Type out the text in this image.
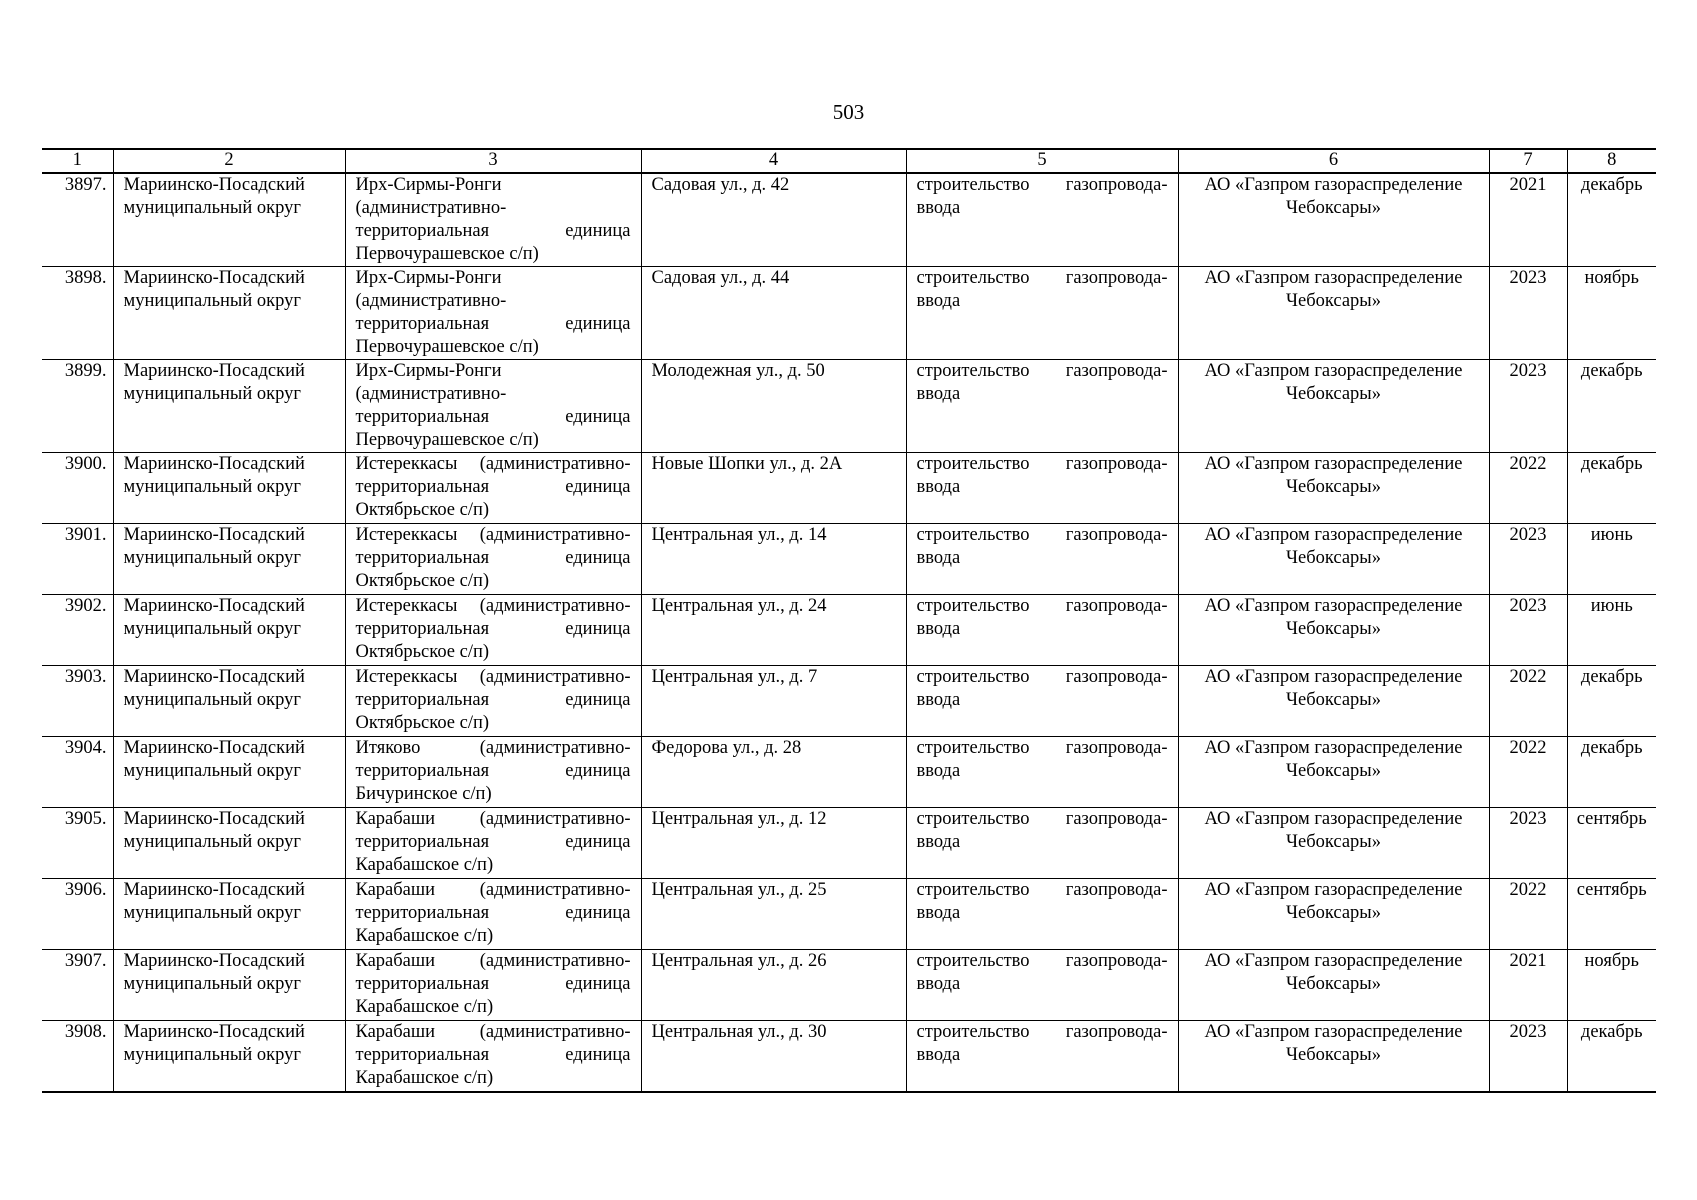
503
1	2	3	4	5	6	7	8
3897.	Мариинско-Посадский муниципальный округ	Ирх-Сирмы-Ронги (административно-территориальная единица Первочурашевское с/п)	Садовая ул., д. 42	строительство газопровода-ввода	АО «Газпром газораспределение Чебоксары»	2021	декабрь
3898.	Мариинско-Посадский муниципальный округ	Ирх-Сирмы-Ронги (административно-территориальная единица Первочурашевское с/п)	Садовая ул., д. 44	строительство газопровода-ввода	АО «Газпром газораспределение Чебоксары»	2023	ноябрь
3899.	Мариинско-Посадский муниципальный округ	Ирх-Сирмы-Ронги (административно-территориальная единица Первочурашевское с/п)	Молодежная ул., д. 50	строительство газопровода-ввода	АО «Газпром газораспределение Чебоксары»	2023	декабрь
3900.	Мариинско-Посадский муниципальный округ	Истереккасы (административно-территориальная единица Октябрьское с/п)	Новые Шопки ул., д. 2А	строительство газопровода-ввода	АО «Газпром газораспределение Чебоксары»	2022	декабрь
3901.	Мариинско-Посадский муниципальный округ	Истереккасы (административно-территориальная единица Октябрьское с/п)	Центральная ул., д. 14	строительство газопровода-ввода	АО «Газпром газораспределение Чебоксары»	2023	июнь
3902.	Мариинско-Посадский муниципальный округ	Истереккасы (административно-территориальная единица Октябрьское с/п)	Центральная ул., д. 24	строительство газопровода-ввода	АО «Газпром газораспределение Чебоксары»	2023	июнь
3903.	Мариинско-Посадский муниципальный округ	Истереккасы (административно-территориальная единица Октябрьское с/п)	Центральная ул., д. 7	строительство газопровода-ввода	АО «Газпром газораспределение Чебоксары»	2022	декабрь
3904.	Мариинско-Посадский муниципальный округ	Итяково (административно-территориальная единица Бичуринское с/п)	Федорова ул., д. 28	строительство газопровода-ввода	АО «Газпром газораспределение Чебоксары»	2022	декабрь
3905.	Мариинско-Посадский муниципальный округ	Карабаши (административно-территориальная единица Карабашское с/п)	Центральная ул., д. 12	строительство газопровода-ввода	АО «Газпром газораспределение Чебоксары»	2023	сентябрь
3906.	Мариинско-Посадский муниципальный округ	Карабаши (административно-территориальная единица Карабашское с/п)	Центральная ул., д. 25	строительство газопровода-ввода	АО «Газпром газораспределение Чебоксары»	2022	сентябрь
3907.	Мариинско-Посадский муниципальный округ	Карабаши (административно-территориальная единица Карабашское с/п)	Центральная ул., д. 26	строительство газопровода-ввода	АО «Газпром газораспределение Чебоксары»	2021	ноябрь
3908.	Мариинско-Посадский муниципальный округ	Карабаши (административно-территориальная единица Карабашское с/п)	Центральная ул., д. 30	строительство газопровода-ввода	АО «Газпром газораспределение Чебоксары»	2023	декабрь
